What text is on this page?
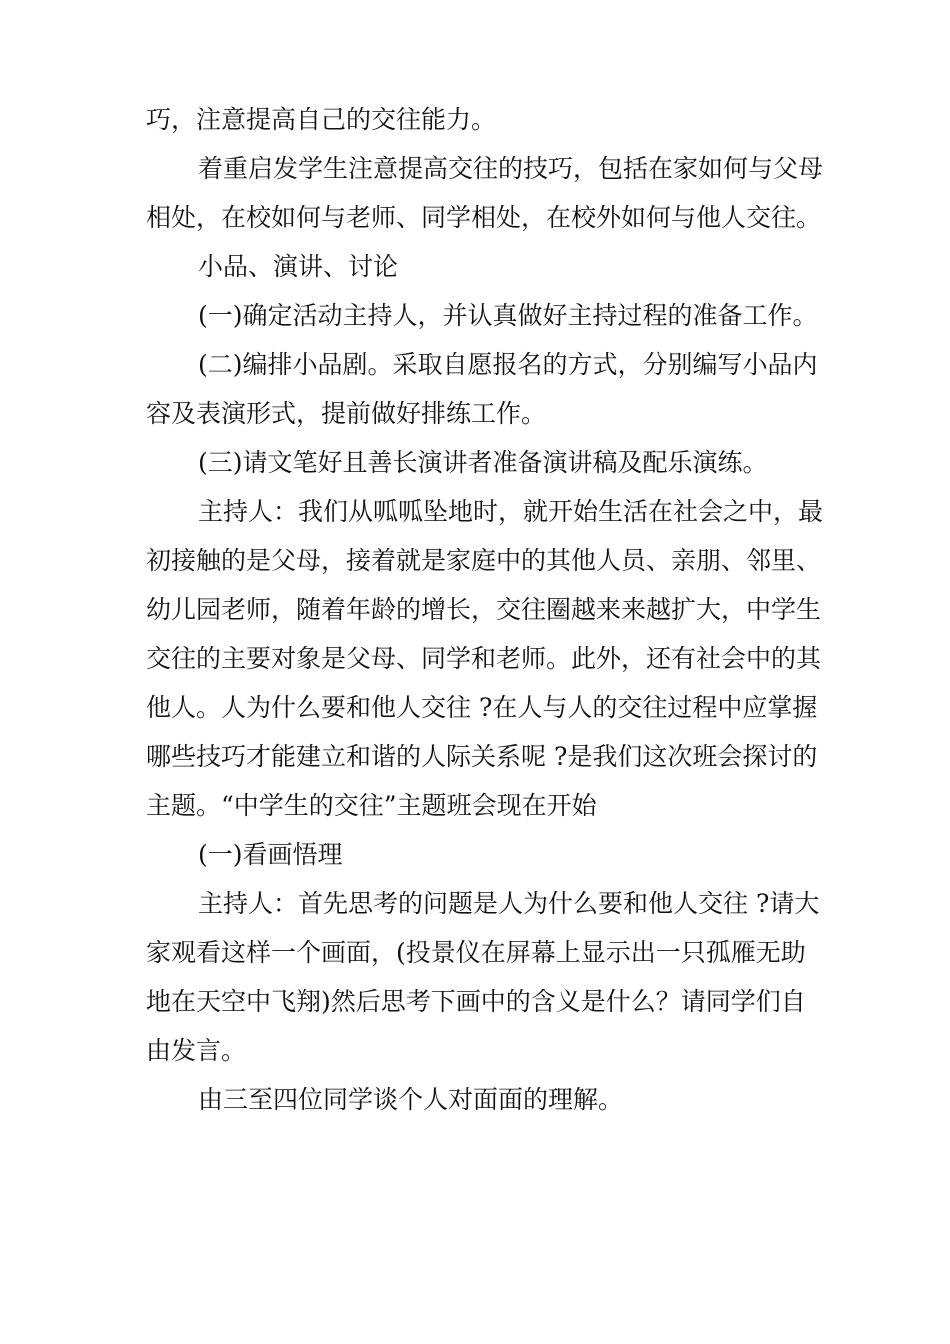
巧，注意提高自己的交往能力。

着重启发学生注意提高交往的技巧，包括在家如何与父母相处，在校如何与老师、同学相处，在校外如何与他人交往。

小品、演讲、讨论

(一)确定活动主持人，并认真做好主持过程的准备工作。

(二)编排小品剧。采取自愿报名的方式，分别编写小品内容及表演形式，提前做好排练工作。

(三)请文笔好且善长演讲者准备演讲稿及配乐演练。

主持人：我们从呱呱坠地时，就开始生活在社会之中，最初接触的是父母，接着就是家庭中的其他人员、亲朋、邻里、幼儿园老师，随着年龄的增长，交往圈越来来越扩大，中学生交往的主要对象是父母、同学和老师。此外，还有社会中的其他人。人为什么要和他人交往 ?在人与人的交往过程中应掌握哪些技巧才能建立和谐的人际关系呢 ?是我们这次班会探讨的主题。“中学生的交往”主题班会现在开始

(一)看画悟理

主持人：首先思考的问题是人为什么要和他人交往 ?请大家观看这样一个画面，(投景仪在屏幕上显示出一只孤雁无助地在天空中飞翔)然后思考下画中的含义是什么？请同学们自由发言。

由三至四位同学谈个人对面面的理解。
